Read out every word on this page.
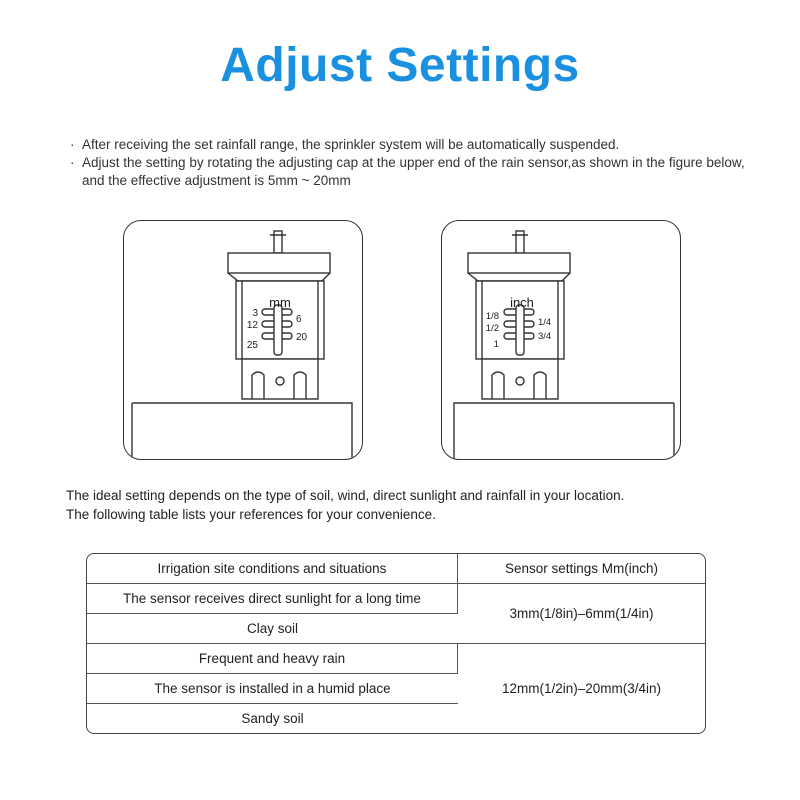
Adjust Settings
· After receiving the set rainfall range, the sprinkler system will be automatically suspended.
· Adjust the setting by rotating the adjusting cap at the upper end of the rain sensor,as shown in the figure below, and the effective adjustment is 5mm ~ 20mm
mm
3
12
25
6
20
inch
1/8
1/2
1
1/4
3/4
The ideal setting depends on the type of soil, wind, direct sunlight and rainfall in your location.
The following table lists your references for your convenience.
Irrigation site conditions and situations	Sensor settings Mm(inch)
The sensor receives direct sunlight for a long time	3mm(1/8in)–6mm(1/4in)
Clay soil	
Frequent and heavy rain	12mm(1/2in)–20mm(3/4in)
The sensor is installed in a humid place	
Sandy soil	
